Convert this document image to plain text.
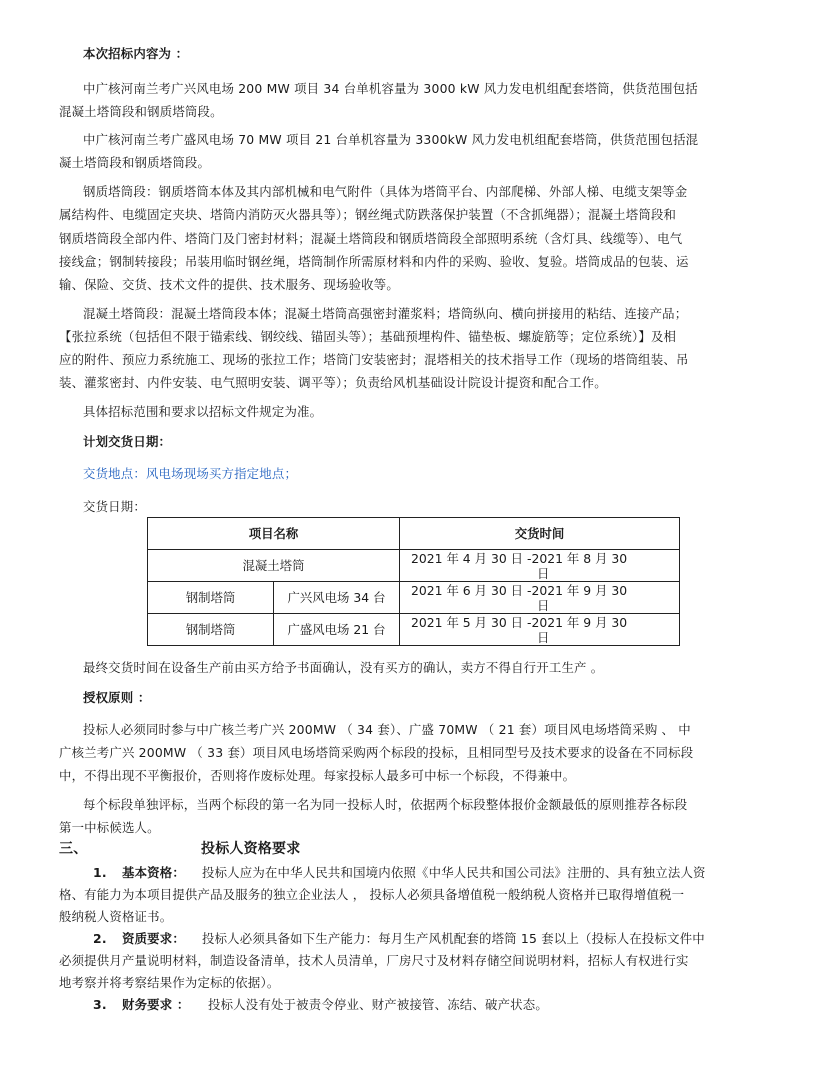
本次招标内容为 ：
中广核河南兰考广兴风电场 200 MW 项目 34 台单机容量为 3000 kW 风力发电机组配套塔筒，供货范围包括
混凝土塔筒段和钢质塔筒段。
中广核河南兰考广盛风电场 70 MW 项目 21 台单机容量为 3300kW 风力发电机组配套塔筒，供货范围包括混
凝土塔筒段和钢质塔筒段。
钢质塔筒段：钢质塔筒本体及其内部机械和电气附件（具体为塔筒平台、内部爬梯、外部人梯、电缆支架等金
属结构件、电缆固定夹块、塔筒内消防灭火器具等）；钢丝绳式防跌落保护装置（不含抓绳器）；混凝土塔筒段和
钢质塔筒段全部内件、塔筒门及门密封材料；混凝土塔筒段和钢质塔筒段全部照明系统（含灯具、线缆等）、电气
接线盒；钢制转接段；吊装用临时钢丝绳，塔筒制作所需原材料和内件的采购、验收、复验。塔筒成品的包装、运
输、保险、交货、技术文件的提供、技术服务、现场验收等。
混凝土塔筒段：混凝土塔筒段本体；混凝土塔筒高强密封灌浆料；塔筒纵向、横向拼接用的粘结、连接产品；
【张拉系统（包括但不限于锚索线、钢绞线、锚固头等）；基础预埋构件、锚垫板、螺旋筋等；定位系统）】及相
应的附件、预应力系统施工、现场的张拉工作；塔筒门安装密封；混塔相关的技术指导工作（现场的塔筒组装、吊
装、灌浆密封、内件安装、电气照明安装、调平等）；负责给风机基础设计院设计提资和配合工作。
具体招标范围和要求以招标文件规定为准。
计划交货日期：
交货地点：风电场现场买方指定地点；
交货日期：
项目名称	交货时间
混凝土塔筒	2021 年 4 月 30 日 -2021 年 8 月 30
日
钢制塔筒	广兴风电场 34 台	2021 年 6 月 30 日 -2021 年 9 月 30
日
钢制塔筒	广盛风电场 21 台	2021 年 5 月 30 日 -2021 年 9 月 30
日
最终交货时间在设备生产前由买方给予书面确认，没有买方的确认，卖方不得自行开工生产 。
授权原则 ：
投标人必须同时参与中广核兰考广兴 200MW （ 34 套）、广盛 70MW （ 21 套）项目风电场塔筒采购 、 中
广核兰考广兴 200MW （ 33 套）项目风电场塔筒采购两个标段的投标，且相同型号及技术要求的设备在不同标段
中，不得出现不平衡报价，否则将作废标处理。每家投标人最多可中标一个标段，不得兼中。
每个标段单独评标，当两个标段的第一名为同一投标人时，依据两个标段整体报价金额最低的原则推荐各标段
第一中标候选人。
三、	投标人资格要求
1. 基本资格： 投标人应为在中华人民共和国境内依照《中华人民共和国公司法》注册的、具有独立法人资
格、有能力为本项目提供产品及服务的独立企业法人 ， 投标人必须具备增值税一般纳税人资格并已取得增值税一
般纳税人资格证书。
2. 资质要求： 投标人必须具备如下生产能力：每月生产风机配套的塔筒 15 套以上（投标人在投标文件中
必须提供月产量说明材料，制造设备清单，技术人员清单，厂房尺寸及材料存储空间说明材料，招标人有权进行实
地考察并将考察结果作为定标的依据）。
3. 财务要求 ： 投标人没有处于被责令停业、财产被接管、冻结、破产状态。
